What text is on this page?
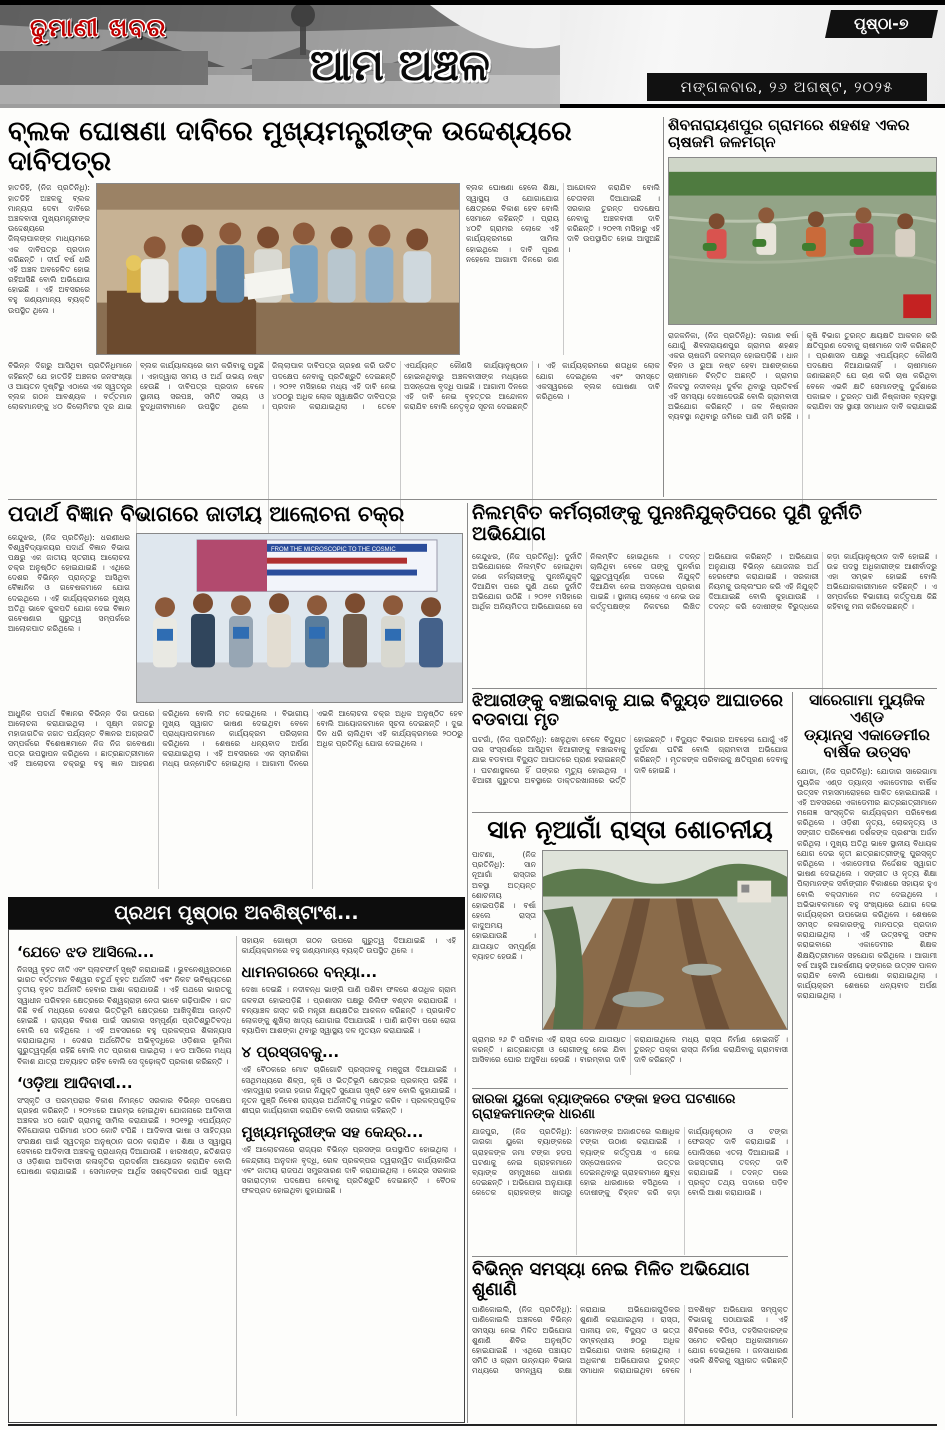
ଢୁମାଣୀ ଖବର
ଆମ ଅଞ୍ଚଳ
ପୃଷ୍ଠା-୭
ମଙ୍ଗଳବାର, ୨୬ ଅଗଷ୍ଟ, ୨୦୨୫
ବ୍ଲକ ଘୋଷଣା ଦାବିରେ ମୁଖ୍ୟମନ୍ତ୍ରୀଙ୍କ ଉଦ୍ଦେଶ୍ୟରେ ଦାବିପତ୍ର
ହାତଡିହି, (ନିଜ ପ୍ରତିନିଧି): ହାତଡିହି ଅଞ୍ଚଳକୁ ବ୍ଲକ ମାନ୍ୟତା ଦେବା ଦାବିରେ ଅଞ୍ଚଳବାସୀ ମୁଖ୍ୟମନ୍ତ୍ରୀଙ୍କ ଉଦ୍ଦେଶ୍ୟରେ ଜିଲ୍ଲାପାଳଙ୍କ ମାଧ୍ୟମରେ ଏକ ଦାବିପତ୍ର ପ୍ରଦାନ କରିଛନ୍ତି । ଦୀର୍ଘ ବର୍ଷ ଧରି ଏହି ଅଞ୍ଚଳ ଅବହେଳିତ ହୋଇ ରହିଆସିଛି ବୋଲି ଅଭିଯୋଗ ହୋଇଛି । ଏହି ଅବସରରେ ବହୁ ଗଣ୍ୟମାନ୍ୟ ବ୍ୟକ୍ତି ଉପସ୍ଥିତ ଥିଲେ ।
ବ୍ଲକ ଘୋଷଣା ହେଲେ ଶିକ୍ଷା, ସ୍ୱାସ୍ଥ୍ୟ ଓ ଯୋଗାଯୋଗ କ୍ଷେତ୍ରରେ ବିକାଶ ହେବ ବୋଲି ସେମାନେ କହିଛନ୍ତି । ପ୍ରାୟ ୪୦ଟି ଗ୍ରାମର ଲୋକେ ଏହି କାର୍ଯ୍ୟକ୍ରମରେ ସାମିଲ ହୋଇଥିଲେ । ଦାବି ପୂରଣ ନହେଲେ ଆଗାମୀ ଦିନରେ ଗଣ ଆନ୍ଦୋଳନ କରାଯିବ ବୋଲି ଚେତାବନୀ ଦିଆଯାଇଛି । ସରକାର ତୁରନ୍ତ ପଦକ୍ଷେପ ନେବାକୁ ଅଞ୍ଚଳବାସୀ ଦାବି କରିଛନ୍ତି । ୨୦୧୩ ମସିହାରୁ ଏହି ଦାବି ଉପସ୍ଥାପିତ ହୋଇ ଆସୁଅଛି ।
ବିଭିନ୍ନ ଦିଗରୁ ଆସିଥିବା ପ୍ରତିନିଧିମାନେ କହିଛନ୍ତି ଯେ ହାତଡିହି ଅଞ୍ଚଳର ଜନସଂଖ୍ୟା ଓ ଆୟତନ ଦୃଷ୍ଟିରୁ ଏଠାରେ ଏକ ସ୍ୱତନ୍ତ୍ର ବ୍ଲକ ଗଠନ ଆବଶ୍ୟକ । ବର୍ତ୍ତମାନ ଲୋକମାନଙ୍କୁ ୪୦ କିଲୋମିଟର ଦୂର ଯାଇ ବ୍ଲକ କାର୍ଯ୍ୟାଳୟରେ କାମ କରିବାକୁ ପଡୁଛି । ଏହାଦ୍ୱାରା ସମୟ ଓ ଅର୍ଥ ଉଭୟ ନଷ୍ଟ ହେଉଛି । ଦାବିପତ୍ର ପ୍ରଦାନ ବେଳେ ସ୍ଥାନୀୟ ସରପଞ୍ଚ, ସମିତି ସଭ୍ୟ ଓ ବୁଦ୍ଧିଜୀବୀମାନେ ଉପସ୍ଥିତ ଥିଲେ । ଜିଲ୍ଲାପାଳ ଦାବିପତ୍ର ଗ୍ରହଣ କରି ଉଚିତ ପଦକ୍ଷେପ ନେବାକୁ ପ୍ରତିଶ୍ରୁତି ଦେଇଛନ୍ତି । ୨୦୨୧ ମସିହାରେ ମଧ୍ୟ ଏହି ଦାବି ନେଇ ୪୦୦ରୁ ଅଧିକ ଲୋକ ସ୍ୱାକ୍ଷରିତ ଦାବିପତ୍ର ପ୍ରଦାନ କରାଯାଇଥିଲା । ତେବେ ଏପର୍ଯ୍ୟନ୍ତ କୌଣସି କାର୍ଯ୍ୟାନୁଷ୍ଠାନ ହୋଇନଥିବାରୁ ଅଞ୍ଚଳବାସୀଙ୍କ ମଧ୍ୟରେ ଅସନ୍ତୋଷ ବୃଦ୍ଧି ପାଇଛି । ଆଗାମୀ ଦିନରେ ଏହି ଦାବି ନେଇ ବୃହତ୍ତର ଆନ୍ଦୋଳନ କରାଯିବ ବୋଲି ନେତୃବୃନ୍ଦ ସୂଚନା ଦେଇଛନ୍ତି । ଏହି କାର୍ଯ୍ୟକ୍ରମରେ ଶତାଧିକ ଲୋକ ଯୋଗ ଦେଇଥିଲେ ଏବଂ ସମସ୍ତେ ଏକସ୍ୱରରେ ବ୍ଲକ ଘୋଷଣା ଦାବି କରିଥିଲେ ।
ଶିବନାରାୟଣପୁର ଗ୍ରାମରେ ଶହଶହ ଏକର ଚାଷଜମି ଜଳମଗ୍ନ
ରାଜକନିକା, (ନିଜ ପ୍ରତିନିଧି): ଲଗାଣ ବର୍ଷା ଯୋଗୁଁ ଶିବନାରାୟଣପୁର ଗ୍ରାମର ଶହଶହ ଏକର ଚାଷଜମି ଜଳମଗ୍ନ ହୋଇପଡ଼ିଛି । ଧାନ ବିହନ ଓ ରୁଆ ନଷ୍ଟ ହେବା ଆଶଙ୍କାରେ ଚାଷୀମାନେ ଚିନ୍ତିତ ଅଛନ୍ତି । ଗ୍ରାମର ନିକଟସ୍ଥ ନଦୀବନ୍ଧ ଦୁର୍ବଳ ଥିବାରୁ ପ୍ରତିବର୍ଷ ଏହି ସମସ୍ୟା ଦେଖାଦେଉଛି ବୋଲି ଗ୍ରାମବାସୀ ଅଭିଯୋଗ କରିଛନ୍ତି । ଜଳ ନିଷ୍କାସନ ବ୍ୟବସ୍ଥା ନଥିବାରୁ ଜମିରେ ପାଣି ଜମି ରହିଛି । କୃଷି ବିଭାଗ ତୁରନ୍ତ କ୍ଷୟକ୍ଷତି ଆକଳନ କରି କ୍ଷତିପୂରଣ ଦେବାକୁ ଚାଷୀମାନେ ଦାବି କରିଛନ୍ତି । ପ୍ରଶାସନ ପକ୍ଷରୁ ଏପର୍ଯ୍ୟନ୍ତ କୌଣସି ପଦକ୍ଷେପ ନିଆଯାଇନାହିଁ । ଚାଷୀମାନେ ଜଣାଇଛନ୍ତି ଯେ ଋଣ କରି ଚାଷ କରିଥିବା ବେଳେ ଏଭଳି କ୍ଷତି ସେମାନଙ୍କୁ ଦୁର୍ଦ୍ଦଶାରେ ପକାଇବ । ତୁରନ୍ତ ପାଣି ନିଷ୍କାସନ ବ୍ୟବସ୍ଥା କରାଯିବା ସହ ସ୍ଥାୟୀ ସମାଧାନ ଦାବି କରାଯାଇଛି ।
ପଦାର୍ଥ ବିଜ୍ଞାନ ବିଭାଗରେ ଜାତୀୟ ଆଲୋଚନା ଚକ୍ର
କେନ୍ଦୁଝର, (ନିଜ ପ୍ରତିନିଧି): ଧରଣୀଧର ବିଶ୍ୱବିଦ୍ୟାଳୟର ପଦାର୍ଥ ବିଜ୍ଞାନ ବିଭାଗ ପକ୍ଷରୁ ଏକ ଜାତୀୟ ସ୍ତରୀୟ ଆଲୋଚନା ଚକ୍ର ଅନୁଷ୍ଠିତ ହୋଇଯାଇଛି । ଏଥିରେ ଦେଶର ବିଭିନ୍ନ ପ୍ରାନ୍ତରୁ ଆସିଥିବା ବୈଜ୍ଞାନିକ ଓ ଗବେଷକମାନେ ଯୋଗ ଦେଇଥିଲେ । ଏହି କାର୍ଯ୍ୟକ୍ରମରେ ମୁଖ୍ୟ ଅତିଥି ଭାବେ କୁଳପତି ଯୋଗ ଦେଇ ବିଜ୍ଞାନ ଗବେଷଣାର ଗୁରୁତ୍ୱ ସମ୍ପର୍କରେ ଆଲୋକପାତ କରିଥିଲେ ।
FROM THE MICROSCOPIC TO THE COSMIC
ଆଧୁନିକ ପଦାର୍ଥ ବିଜ୍ଞାନର ବିଭିନ୍ନ ଦିଗ ଉପରେ ଆଲୋଚନା କରାଯାଇଥିଲା । ସୂକ୍ଷ୍ମ ଜଗତରୁ ମହାଜାଗତିକ ଜଗତ ପର୍ଯ୍ୟନ୍ତ ବିଜ୍ଞାନର ଅଗ୍ରଗତି ସମ୍ପର୍କରେ ବିଶେଷଜ୍ଞମାନେ ନିଜ ନିଜ ଗବେଷଣା ପତ୍ର ଉପସ୍ଥାପନ କରିଥିଲେ । ଛାତ୍ରଛାତ୍ରୀମାନେ ଏହି ଆଲୋଚନା ଚକ୍ରରୁ ବହୁ ଜ୍ଞାନ ଆହରଣ କରିଥିଲେ ବୋଲି ମତ ଦେଇଥିଲେ । ବିଭାଗୀୟ ମୁଖ୍ୟ ସ୍ୱାଗତ ଭାଷଣ ଦେଇଥିବା ବେଳେ ପ୍ରାଧ୍ୟାପକମାନେ କାର୍ଯ୍ୟକ୍ରମ ପରିଚାଳନା କରିଥିଲେ । ଶେଷରେ ଧନ୍ୟବାଦ ଅର୍ପଣ କରାଯାଇଥିଲା । ଏହି ଅବସରରେ ଏକ ସ୍ମରଣିକା ମଧ୍ୟ ଉନ୍ମୋଚିତ ହୋଇଥିଲା । ଆଗାମୀ ଦିନରେ ଏଭଳି ଆଲୋଚନା ଚକ୍ର ଅଧିକ ଅନୁଷ୍ଠିତ ହେବ ବୋଲି ଆୟୋଜକମାନେ ସୂଚନା ଦେଇଛନ୍ତି । ଦୁଇ ଦିନ ଧରି ଚାଲିଥିବା ଏହି କାର୍ଯ୍ୟକ୍ରମରେ ୨୦୦ରୁ ଅଧିକ ପ୍ରତିନିଧି ଯୋଗ ଦେଇଥିଲେ ।
ନିଲମ୍ବିତ କର୍ମଚାରୀଙ୍କୁ ପୁନଃନିଯୁକ୍ତିପରେ ପୁଣି ଦୁର୍ନୀତି ଅଭିଯୋଗ
କେନ୍ଦୁଝର, (ନିଜ ପ୍ରତିନିଧି): ଦୁର୍ନୀତି ଅଭିଯୋଗରେ ନିଲମ୍ବିତ ହୋଇଥିବା ଜଣେ କର୍ମଚାରୀଙ୍କୁ ପୁନଃନିଯୁକ୍ତି ଦିଆଯିବା ପରେ ପୁଣି ଥରେ ଦୁର୍ନୀତି ଅଭିଯୋଗ ଉଠିଛି । ୨୦୨୧ ମସିହାରେ ଆର୍ଥିକ ଅନିୟମିତତା ଅଭିଯୋଗରେ ସେ ନିଲମ୍ବିତ ହୋଇଥିଲେ । ତଦନ୍ତ ଚାଲିଥିବା ବେଳେ ତାଙ୍କୁ ପୁନର୍ବାର ଗୁରୁତ୍ୱପୂର୍ଣ୍ଣ ପଦରେ ନିଯୁକ୍ତି ଦିଆଯିବା ନେଇ ଅସନ୍ତୋଷ ପ୍ରକାଶ ପାଇଛି । ସ୍ଥାନୀୟ ଲୋକେ ଏ ନେଇ ଉଚ୍ଚ କର୍ତ୍ତୃପକ୍ଷଙ୍କ ନିକଟରେ ଲିଖିତ ଅଭିଯୋଗ କରିଛନ୍ତି । ଅଭିଯୋଗ ଅନୁଯାୟୀ ବିଭିନ୍ନ ଯୋଜନାର ଅର୍ଥ ହେରଫେର କରାଯାଇଛି । ସରକାରୀ ନିୟମକୁ ଉଲ୍ଲଂଘନ କରି ଏହି ନିଯୁକ୍ତି ଦିଆଯାଇଛି ବୋଲି କୁହାଯାଉଛି । ତଦନ୍ତ କରି ଦୋଷୀଙ୍କ ବିରୁଦ୍ଧରେ କଡ଼ା କାର୍ଯ୍ୟାନୁଷ୍ଠାନ ଦାବି ହୋଇଛି । ଉଚ୍ଚ ପଦସ୍ଥ ଅଧିକାରୀଙ୍କ ଆଶୀର୍ବାଦରୁ ଏହା ସମ୍ଭବ ହୋଇଛି ବୋଲି ଅଭିଯୋଗକାରୀମାନେ କହିଛନ୍ତି । ଏ ସମ୍ପର୍କରେ ବିଭାଗୀୟ କର୍ତ୍ତୃପକ୍ଷ କିଛି କହିବାକୁ ମନା କରିଦେଇଛନ୍ତି ।
ଝିଆରୀଙ୍କୁ ବଞ୍ଚାଇବାକୁ ଯାଇ ବିଦ୍ୟୁତ ଆଘାତରେ ବଡବାପା ମୃତ
ଘଟଗାଁ, (ନିଜ ପ୍ରତିନିଧି): ଖେଳୁଥିବା ବେଳେ ବିଦ୍ୟୁତ ତାର ସଂସ୍ପର୍ଶରେ ଆସିଥିବା ଝିଆରୀଙ୍କୁ ବଞ୍ଚାଇବାକୁ ଯାଇ ବଡବାପା ବିଦ୍ୟୁତ ଆଘାତରେ ପ୍ରାଣ ହରାଇଛନ୍ତି । ଘଟଣାସ୍ଥଳରେ ହିଁ ତାଙ୍କର ମୃତ୍ୟୁ ହୋଇଥିଲା । ଝିଆରୀ ଗୁରୁତର ଅବସ୍ଥାରେ ଡାକ୍ତରଖାନାରେ ଭର୍ତ୍ତି ହୋଇଛନ୍ତି । ବିଦ୍ୟୁତ ବିଭାଗର ଅବହେଳା ଯୋଗୁଁ ଏହି ଦୁର୍ଘଟଣା ଘଟିଛି ବୋଲି ଗ୍ରାମବାସୀ ଅଭିଯୋଗ କରିଛନ୍ତି । ମୃତକଙ୍କ ପରିବାରକୁ କ୍ଷତିପୂରଣ ଦେବାକୁ ଦାବି ହୋଇଛି ।
ସାରେଗାମା ମ୍ୟୁଜିକ ଏଣ୍ଡ
ଡ୍ୟାନ୍ସ ଏକାଡେମୀର
ବାର୍ଷିକ ଉତ୍ସବ
ଯୋଡା, (ନିଜ ପ୍ରତିନିଧି): ଯୋଡାର ସାରେଗାମା ମ୍ୟୁଜିକ ଏଣ୍ଡ ଡ୍ୟାନ୍ସ ଏକାଡେମୀର ବାର୍ଷିକ ଉତ୍ସବ ମହାସମାରୋହରେ ପାଳିତ ହୋଇଯାଇଛି । ଏହି ଅବସରରେ ଏକାଡେମୀର ଛାତ୍ରଛାତ୍ରୀମାନେ ମନୋଜ୍ଞ ସାଂସ୍କୃତିକ କାର୍ଯ୍ୟକ୍ରମ ପରିବେଷଣ କରିଥିଲେ । ଓଡ଼ିଶୀ ନୃତ୍ୟ, ଲୋକନୃତ୍ୟ ଓ ସଙ୍ଗୀତ ପରିବେଷଣ ଦର୍ଶକଙ୍କ ପ୍ରଶଂସା ଅର୍ଜନ କରିଥିଲା । ମୁଖ୍ୟ ଅତିଥି ଭାବେ ସ୍ଥାନୀୟ ବିଧାୟକ ଯୋଗ ଦେଇ କୃତୀ ଛାତ୍ରଛାତ୍ରୀଙ୍କୁ ପୁରସ୍କୃତ କରିଥିଲେ । ଏକାଡେମୀର ନିର୍ଦ୍ଦେଶକ ସ୍ୱାଗତ ଭାଷଣ ଦେଇଥିଲେ । ସଙ୍ଗୀତ ଓ ନୃତ୍ୟ ଶିକ୍ଷା ପିଲାମାନଙ୍କ ସର୍ବାଙ୍ଗୀନ ବିକାଶରେ ସହାୟକ ହୁଏ ବୋଲି ବକ୍ତାମାନେ ମତ ଦେଇଥିଲେ । ଅଭିଭାବକମାନେ ବହୁ ସଂଖ୍ୟାରେ ଯୋଗ ଦେଇ କାର୍ଯ୍ୟକ୍ରମ ଉପଭୋଗ କରିଥିଲେ । ଶେଷରେ ସମସ୍ତ କଳାକାରଙ୍କୁ ମାନପତ୍ର ପ୍ରଦାନ କରାଯାଇଥିଲା । ଏହି ଉତ୍ସବକୁ ସଫଳ କରାଇବାରେ ଏକାଡେମୀର ଶିକ୍ଷକ ଶିକ୍ଷୟିତ୍ରୀମାନେ ସହଯୋଗ କରିଥିଲେ । ଆଗାମୀ ବର୍ଷ ଆହୁରି ଆକର୍ଷଣୀୟ ଢଙ୍ଗରେ ଉତ୍ସବ ପାଳନ କରାଯିବ ବୋଲି ଘୋଷଣା କରାଯାଇଥିଲା । କାର୍ଯ୍ୟକ୍ରମ ଶେଷରେ ଧନ୍ୟବାଦ ଅର୍ପଣ କରାଯାଇଥିଲା ।
ସାନ ନୂଆଗାଁ ରାସ୍ତା ଶୋଚନୀୟ
ପାଟଣା, (ନିଜ ପ୍ରତିନିଧି): ସାନ ନୂଆଗାଁ ରାସ୍ତାର ଅବସ୍ଥା ଅତ୍ୟନ୍ତ ଶୋଚନୀୟ ହୋଇପଡ଼ିଛି । ବର୍ଷା ହେଲେ ରାସ୍ତା କାଦୁଅମୟ ହୋଇଯାଉଛି । ଯାତାୟାତ ସମ୍ପୂର୍ଣ୍ଣ ବ୍ୟାହତ ହେଉଛି ।
ଗ୍ରାମର ୨୬ ଟି ପରିବାର ଏହି ରାସ୍ତା ଦେଇ ଯାତାୟାତ କରନ୍ତି । ଛାତ୍ରଛାତ୍ରୀ ଓ ରୋଗୀଙ୍କୁ ନେଇ ଯିବା ଆସିବାରେ ଘୋର ଅସୁବିଧା ହେଉଛି । ବାରମ୍ବାର ଦାବି କରାଯାଇଥିଲେ ମଧ୍ୟ ରାସ୍ତା ନିର୍ମାଣ ହୋଇନାହିଁ । ତୁରନ୍ତ ପକ୍କା ରାସ୍ତା ନିର୍ମାଣ କରାଯିବାକୁ ଗ୍ରାମବାସୀ ଦାବି କରିଛନ୍ତି ।
ଜାରକା ୟୁକୋ ବ୍ୟାଙ୍କରେ ଟଙ୍କା ହଡପ ଘଟଣାରେ ଗ୍ରାହକମାନଙ୍କ ଧାରଣା
ଯାଜପୁର, (ନିଜ ପ୍ରତିନିଧି): ଜାରକା ୟୁକୋ ବ୍ୟାଙ୍କରେ ଗ୍ରାହକଙ୍କ ଜମା ଟଙ୍କା ହଡପ ଘଟଣାକୁ ନେଇ ଗ୍ରାହକମାନେ ବ୍ୟାଙ୍କ ସମ୍ମୁଖରେ ଧାରଣା ଦେଇଛନ୍ତି । ଅଭିଯୋଗ ଅନୁଯାୟୀ କେତେକ ଗ୍ରାହକଙ୍କ ଖାତାରୁ ସେମାନଙ୍କ ଅଜାଣତରେ ଲକ୍ଷାଧିକ ଟଙ୍କା ଉଠାଣ କରାଯାଇଛି । ବ୍ୟାଙ୍କ କର୍ତ୍ତୃପକ୍ଷ ଏ ନେଇ ସନ୍ତୋଷଜନକ ଉତ୍ତର ଦେଇନଥିବାରୁ ଗ୍ରାହକମାନେ କ୍ଷୁବ୍ଧ ହୋଇ ଧାରଣାରେ ବସିଥିଲେ । ଦୋଷୀଙ୍କୁ ଚିହ୍ନଟ କରି କଡ଼ା କାର୍ଯ୍ୟାନୁଷ୍ଠାନ ଓ ଟଙ୍କା ଫେରସ୍ତ ଦାବି କରାଯାଇଛି । ପୋଲିସରେ ଏତଲା ଦିଆଯାଇଛି । ଉଚ୍ଚସ୍ତରୀୟ ତଦନ୍ତ ଦାବି କରାଯାଇଛି । ତଦନ୍ତ ପରେ ପ୍ରକୃତ ତଥ୍ୟ ପଦାରେ ପଡ଼ିବ ବୋଲି ଆଶା କରାଯାଉଛି ।
ବିଭିନ୍ନ ସମସ୍ୟା ନେଇ ମିଳିତ ଅଭିଯୋଗ ଶୁଣାଣି
ପାଣିକୋଇଲି, (ନିଜ ପ୍ରତିନିଧି): ପାଣିକୋଇଲି ଅଞ୍ଚଳରେ ବିଭିନ୍ନ ସମସ୍ୟା ନେଇ ମିଳିତ ଅଭିଯୋଗ ଶୁଣାଣି ଶିବିର ଅନୁଷ୍ଠିତ ହୋଇଯାଇଛି । ଏଥିରେ ପଞ୍ଚାୟତ ସମିତି ଓ ଗ୍ରାମ ଉନ୍ନୟନ ବିଭାଗ ମଧ୍ୟରେ ସମନ୍ୱୟ ରକ୍ଷା କରାଯାଇ ଅଭିଯୋଗଗୁଡ଼ିକର ଶୁଣାଣି କରାଯାଇଥିଲା । ରାସ୍ତା, ପାନୀୟ ଜଳ, ବିଦ୍ୟୁତ ଓ ଭତ୍ତା ସମ୍ବନ୍ଧୀୟ ୭୦ରୁ ଅଧିକ ଅଭିଯୋଗ ଦାଖଲ ହୋଇଥିଲା । ଅଧିକାଂଶ ଅଭିଯୋଗର ତୁରନ୍ତ ସମାଧାନ କରାଯାଇଥିବା ବେଳେ ଅବଶିଷ୍ଟ ଅଭିଯୋଗ ସମ୍ପୃକ୍ତ ବିଭାଗକୁ ପଠାଯାଇଛି । ଏହି ଶିବିରରେ ବିଡିଓ, ତହସିଲଦାରଙ୍କ ସମେତ ବରିଷ୍ଠ ଅଧିକାରୀମାନେ ଯୋଗ ଦେଇଥିଲେ । ଜନସାଧାରଣ ଏଭଳି ଶିବିରକୁ ସ୍ୱାଗତ କରିଛନ୍ତି ।
ପ୍ରଥମ ପୃଷ୍ଠାର ଅବଶିଷ୍ଟାଂଶ...
‘ଯେତେ ଝଡ ଆସିଲେ...
ନିଜସ୍ୱ ବୃହତ ନୀତି ଏବଂ ପ୍ଲାଟଫର୍ମ ସୃଷ୍ଟି କରାଯାଇଛି । ଭୁବନେଶ୍ୱରଠାରେ ଭାରତ ବର୍ତ୍ତମାନ ବିଶ୍ୱର ଚତୁର୍ଥ ବୃହତ ଅର୍ଥନୀତି ଏବଂ ନିକଟ ଭବିଷ୍ୟତରେ ତୃତୀୟ ବୃହତ ଅର୍ଥନୀତି ହେବାର ଆଶା କରାଯାଉଛି । ଏହି ପଥରେ ଭାରତକୁ ସ୍ୱାଧୀନ ପରିବହନ କ୍ଷେତ୍ରରେ ବିଶ୍ୱଗ୍ରାହୀ ନେତା ଭାବେ ଗଢ଼ିପାରିବ । ଗତ କିଛି ବର୍ଷ ମଧ୍ୟରେ ଦେଶର ଭିତ୍ତିଭୂମି କ୍ଷେତ୍ରରେ ଆଖିଦୃଶିଆ ଉନ୍ନତି ହୋଇଛି । ରାଜ୍ୟର ବିକାଶ ପାଇଁ ସରକାର ସମ୍ପୂର୍ଣ୍ଣ ପ୍ରତିଶ୍ରୁତିବଦ୍ଧ ବୋଲି ସେ କହିଥିଲେ । ଏହି ଅବସରରେ ବହୁ ପ୍ରକଳ୍ପର ଶିଳାନ୍ୟାସ କରାଯାଇଥିଲା । ଦେଶର ଅର୍ଥନୈତିକ ଅଭିବୃଦ୍ଧିରେ ଓଡ଼ିଶାର ଭୂମିକା ଗୁରୁତ୍ୱପୂର୍ଣ୍ଣ ରହିଛି ବୋଲି ମତ ପ୍ରକାଶ ପାଇଥିଲା । ଝଡ ଆସିଲେ ମଧ୍ୟ ବିକାଶ ଯାତ୍ରା ଅବ୍ୟାହତ ରହିବ ବୋଲି ସେ ଦୃଢ଼ୋକ୍ତି ପ୍ରକାଶ କରିଛନ୍ତି ।
‘ଓଡ଼ିଆ ଆଦିବାସୀ...
ସଂସ୍କୃତି ଓ ପରମ୍ପରାର ବିକାଶ ନିମନ୍ତେ ସରକାର ବିଭିନ୍ନ ପଦକ୍ଷେପ ଗ୍ରହଣ କରିଛନ୍ତି । ୨୦୨୪ରେ ଆରମ୍ଭ ହୋଇଥିବା ଯୋଜନାରେ ଆଦିବାସୀ ଅଞ୍ଚଳର ୪୦ ଗୋଟି ଗ୍ରାମକୁ ସାମିଲ କରାଯାଇଛି । ୨୦୧୨ରୁ ଏପର୍ଯ୍ୟନ୍ତ ବିନିଯୋଗର ପରିମାଣ ୪୦୦ କୋଟି ଟପିଛି । ଆଦିବାସୀ ଭାଷା ଓ ସାହିତ୍ୟର ସଂରକ୍ଷଣ ପାଇଁ ସ୍ୱତନ୍ତ୍ର ଅନୁଷ୍ଠାନ ଗଠନ କରାଯିବ । ଶିକ୍ଷା ଓ ସ୍ୱାସ୍ଥ୍ୟ ସେବାରେ ଆଦିବାସୀ ଅଞ୍ଚଳକୁ ପ୍ରାଧାନ୍ୟ ଦିଆଯାଉଛି । ଝାରଖଣ୍ଡ, ଛତିଶଗଡ଼ ଓ ଓଡ଼ିଶାର ଆଦିବାସୀ କଳାକୃତିର ପ୍ରଦର୍ଶନୀ ଆୟୋଜନ କରାଯିବ ବୋଲି ଘୋଷଣା କରାଯାଇଛି । ସେମାନଙ୍କ ଆର୍ଥିକ ସଶକ୍ତିକରଣ ପାଇଁ ସ୍ୱୟଂ ସହାୟକ ଗୋଷ୍ଠୀ ଗଠନ ଉପରେ ଗୁରୁତ୍ୱ ଦିଆଯାଇଛି । ଏହି କାର୍ଯ୍ୟକ୍ରମରେ ବହୁ ଗଣ୍ୟମାନ୍ୟ ବ୍ୟକ୍ତି ଉପସ୍ଥିତ ଥିଲେ ।
ଧାମନଗରରେ ବନ୍ୟା...
ଦେଖା ଦେଇଛି । ନଦୀବନ୍ଧ ଭାଙ୍ଗି ପାଣି ପଶିବା ଫଳରେ ଶତାଧିକ ଗ୍ରାମ ଜଳବନ୍ଦୀ ହୋଇପଡ଼ିଛି । ପ୍ରଶାସନ ପକ୍ଷରୁ ରିଲିଫ ବଣ୍ଟନ କରାଯାଉଛି । ବନ୍ୟାଞ୍ଚଳ ଗସ୍ତ କରି ମନ୍ତ୍ରୀ କ୍ଷୟକ୍ଷତିର ଆକଳନ କରିଛନ୍ତି । ପ୍ରଭାବିତ ଲୋକଙ୍କୁ ଶୁଖିଲା ଖାଦ୍ୟ ଯୋଗାଇ ଦିଆଯାଉଛି । ପାଣି ଛାଡ଼ିବା ପରେ ରୋଗ ବ୍ୟାପିବା ଆଶଙ୍କା ଥିବାରୁ ସ୍ୱାସ୍ଥ୍ୟ ଦଳ ମୁତୟନ କରାଯାଇଛି ।
୪ ପ୍ରସ୍ତାବକୁ...
ଏହି ବୈଠକରେ ମୋଟ ଚାରିଗୋଟି ପ୍ରସ୍ତାବକୁ ମଞ୍ଜୁରୀ ଦିଆଯାଇଛି । ସେଥିମଧ୍ୟରେ ଶିଳ୍ପ, କୃଷି ଓ ଭିତ୍ତିଭୂମି କ୍ଷେତ୍ରର ପ୍ରକଳ୍ପ ରହିଛି । ଏହାଦ୍ୱାରା ହଜାର ହଜାର ନିଯୁକ୍ତି ସୁଯୋଗ ସୃଷ୍ଟି ହେବ ବୋଲି କୁହାଯାଇଛି । ନୂତନ ପୁଞ୍ଜି ନିବେଶ ରାଜ୍ୟର ଅର୍ଥନୀତିକୁ ମଜଭୁତ କରିବ । ପ୍ରକଳ୍ପଗୁଡ଼ିକ ଶୀଘ୍ର କାର୍ଯ୍ୟକାରୀ କରାଯିବ ବୋଲି ସରକାର କହିଛନ୍ତି ।
ମୁଖ୍ୟମନ୍ତ୍ରୀଙ୍କ ସହ କେନ୍ଦ୍ର...
ଏହି ଆଲୋଚନାରେ ରାଜ୍ୟର ବିଭିନ୍ନ ପ୍ରସଙ୍ଗ ଉପସ୍ଥାପିତ ହୋଇଥିଲା । କେନ୍ଦ୍ରୀୟ ଅନୁଦାନ ବୃଦ୍ଧି, ରେଳ ପ୍ରକଳ୍ପର ତ୍ୱରାନ୍ୱିତ କାର୍ଯ୍ୟକାରିତା ଏବଂ ଜାତୀୟ ରାଜପଥ ସମ୍ପ୍ରସାରଣ ଦାବି କରାଯାଇଥିଲା । କେନ୍ଦ୍ର ସରକାର ସକାରାତ୍ମକ ପଦକ୍ଷେପ ନେବାକୁ ପ୍ରତିଶ୍ରୁତି ଦେଇଛନ୍ତି । ବୈଠକ ଫଳପ୍ରଦ ହୋଇଥିବା କୁହାଯାଇଛି ।
